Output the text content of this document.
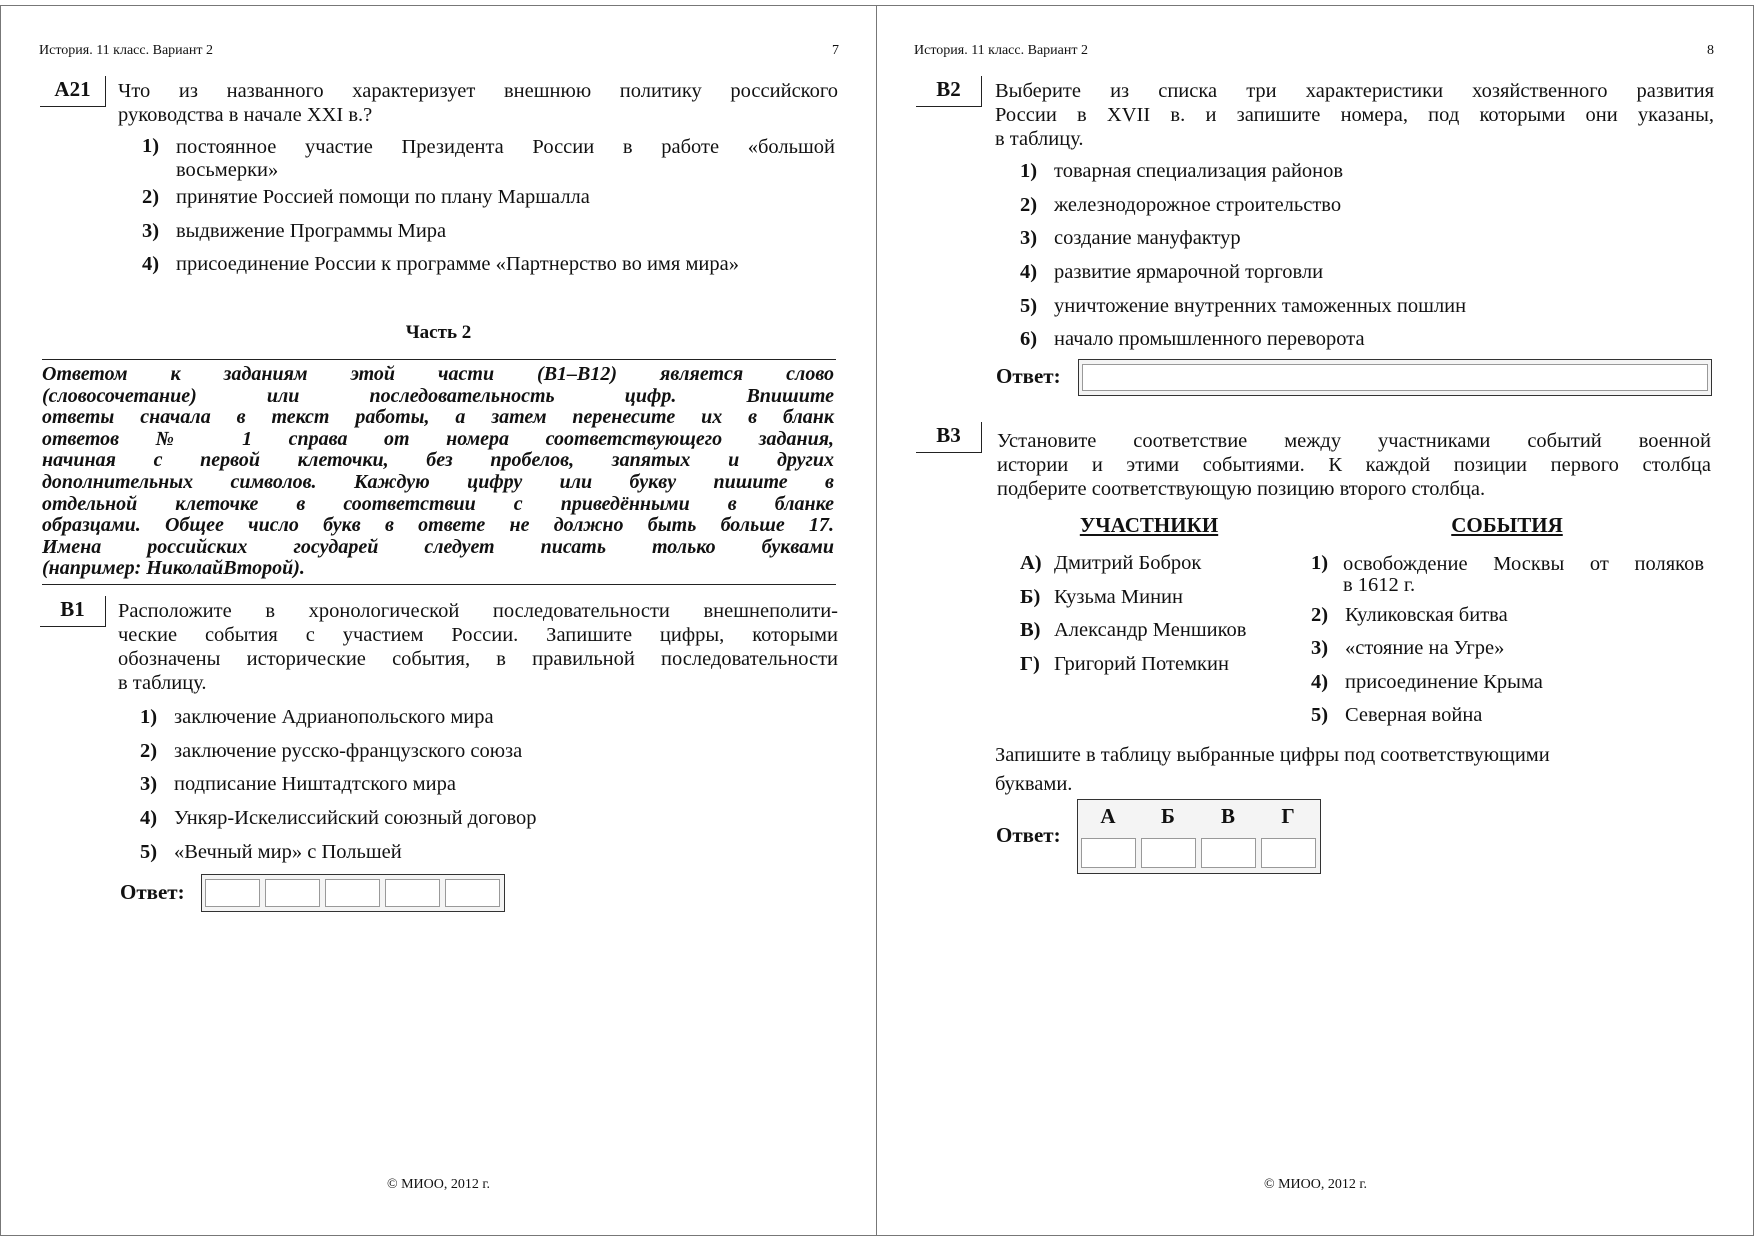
История. 11 класс. Вариант 2	7
A21	Что из названного характеризует внешнюю политику российского
руководства в начале XXI в.?
1) постоянное участие Президента России в работе «большой
восьмерки»
2) принятие Россией помощи по плану Маршалла
3) выдвижение Программы Мира
4) присоединение России к программе «Партнерство во имя мира»
Часть 2
Ответом к заданиям этой части (В1–В12) является слово
(словосочетание) или последовательность цифр. Впишите
ответы сначала в текст работы, а затем перенесите их в бланк
ответов № 1 справа от номера соответствующего задания,
начиная с первой клеточки, без пробелов, запятых и других
дополнительных символов. Каждую цифру или букву пишите в
отдельной клеточке в соответствии с приведёнными в бланке
образцами. Общее число букв в ответе не должно быть больше 17.
Имена российских государей следует писать только буквами
(например: НиколайВторой).
B1	Расположите в хронологической последовательности внешнеполити-
ческие события с участием России. Запишите цифры, которыми
обозначены исторические события, в правильной последовательности
в таблицу.
1) заключение Адрианопольского мира
2) заключение русско-французского союза
3) подписание Ништадтского мира
4) Ункяр-Искелиссийский союзный договор
5) «Вечный мир» с Польшей
Ответ:
© МИОО, 2012 г.
История. 11 класс. Вариант 2	8
B2	Выберите из списка три характеристики хозяйственного развития
России в XVII в. и запишите номера, под которыми они указаны,
в таблицу.
1) товарная специализация районов
2) железнодорожное строительство
3) создание мануфактур
4) развитие ярмарочной торговли
5) уничтожение внутренних таможенных пошлин
6) начало промышленного переворота
Ответ:
B3	Установите соответствие между участниками событий военной
истории и этими событиями. К каждой позиции первого столбца
подберите соответствующую позицию второго столбца.
УЧАСТНИКИ	СОБЫТИЯ
А) Дмитрий Боброк
Б) Кузьма Минин
В) Александр Меншиков
Г) Григорий Потемкин
1) освобождение Москвы от поляков
в 1612 г.
2) Куликовская битва
3) «стояние на Угре»
4) присоединение Крыма
5) Северная война
Запишите в таблицу выбранные цифры под соответствующими
буквами.
Ответ:
А	Б	В	Г
© МИОО, 2012 г.
